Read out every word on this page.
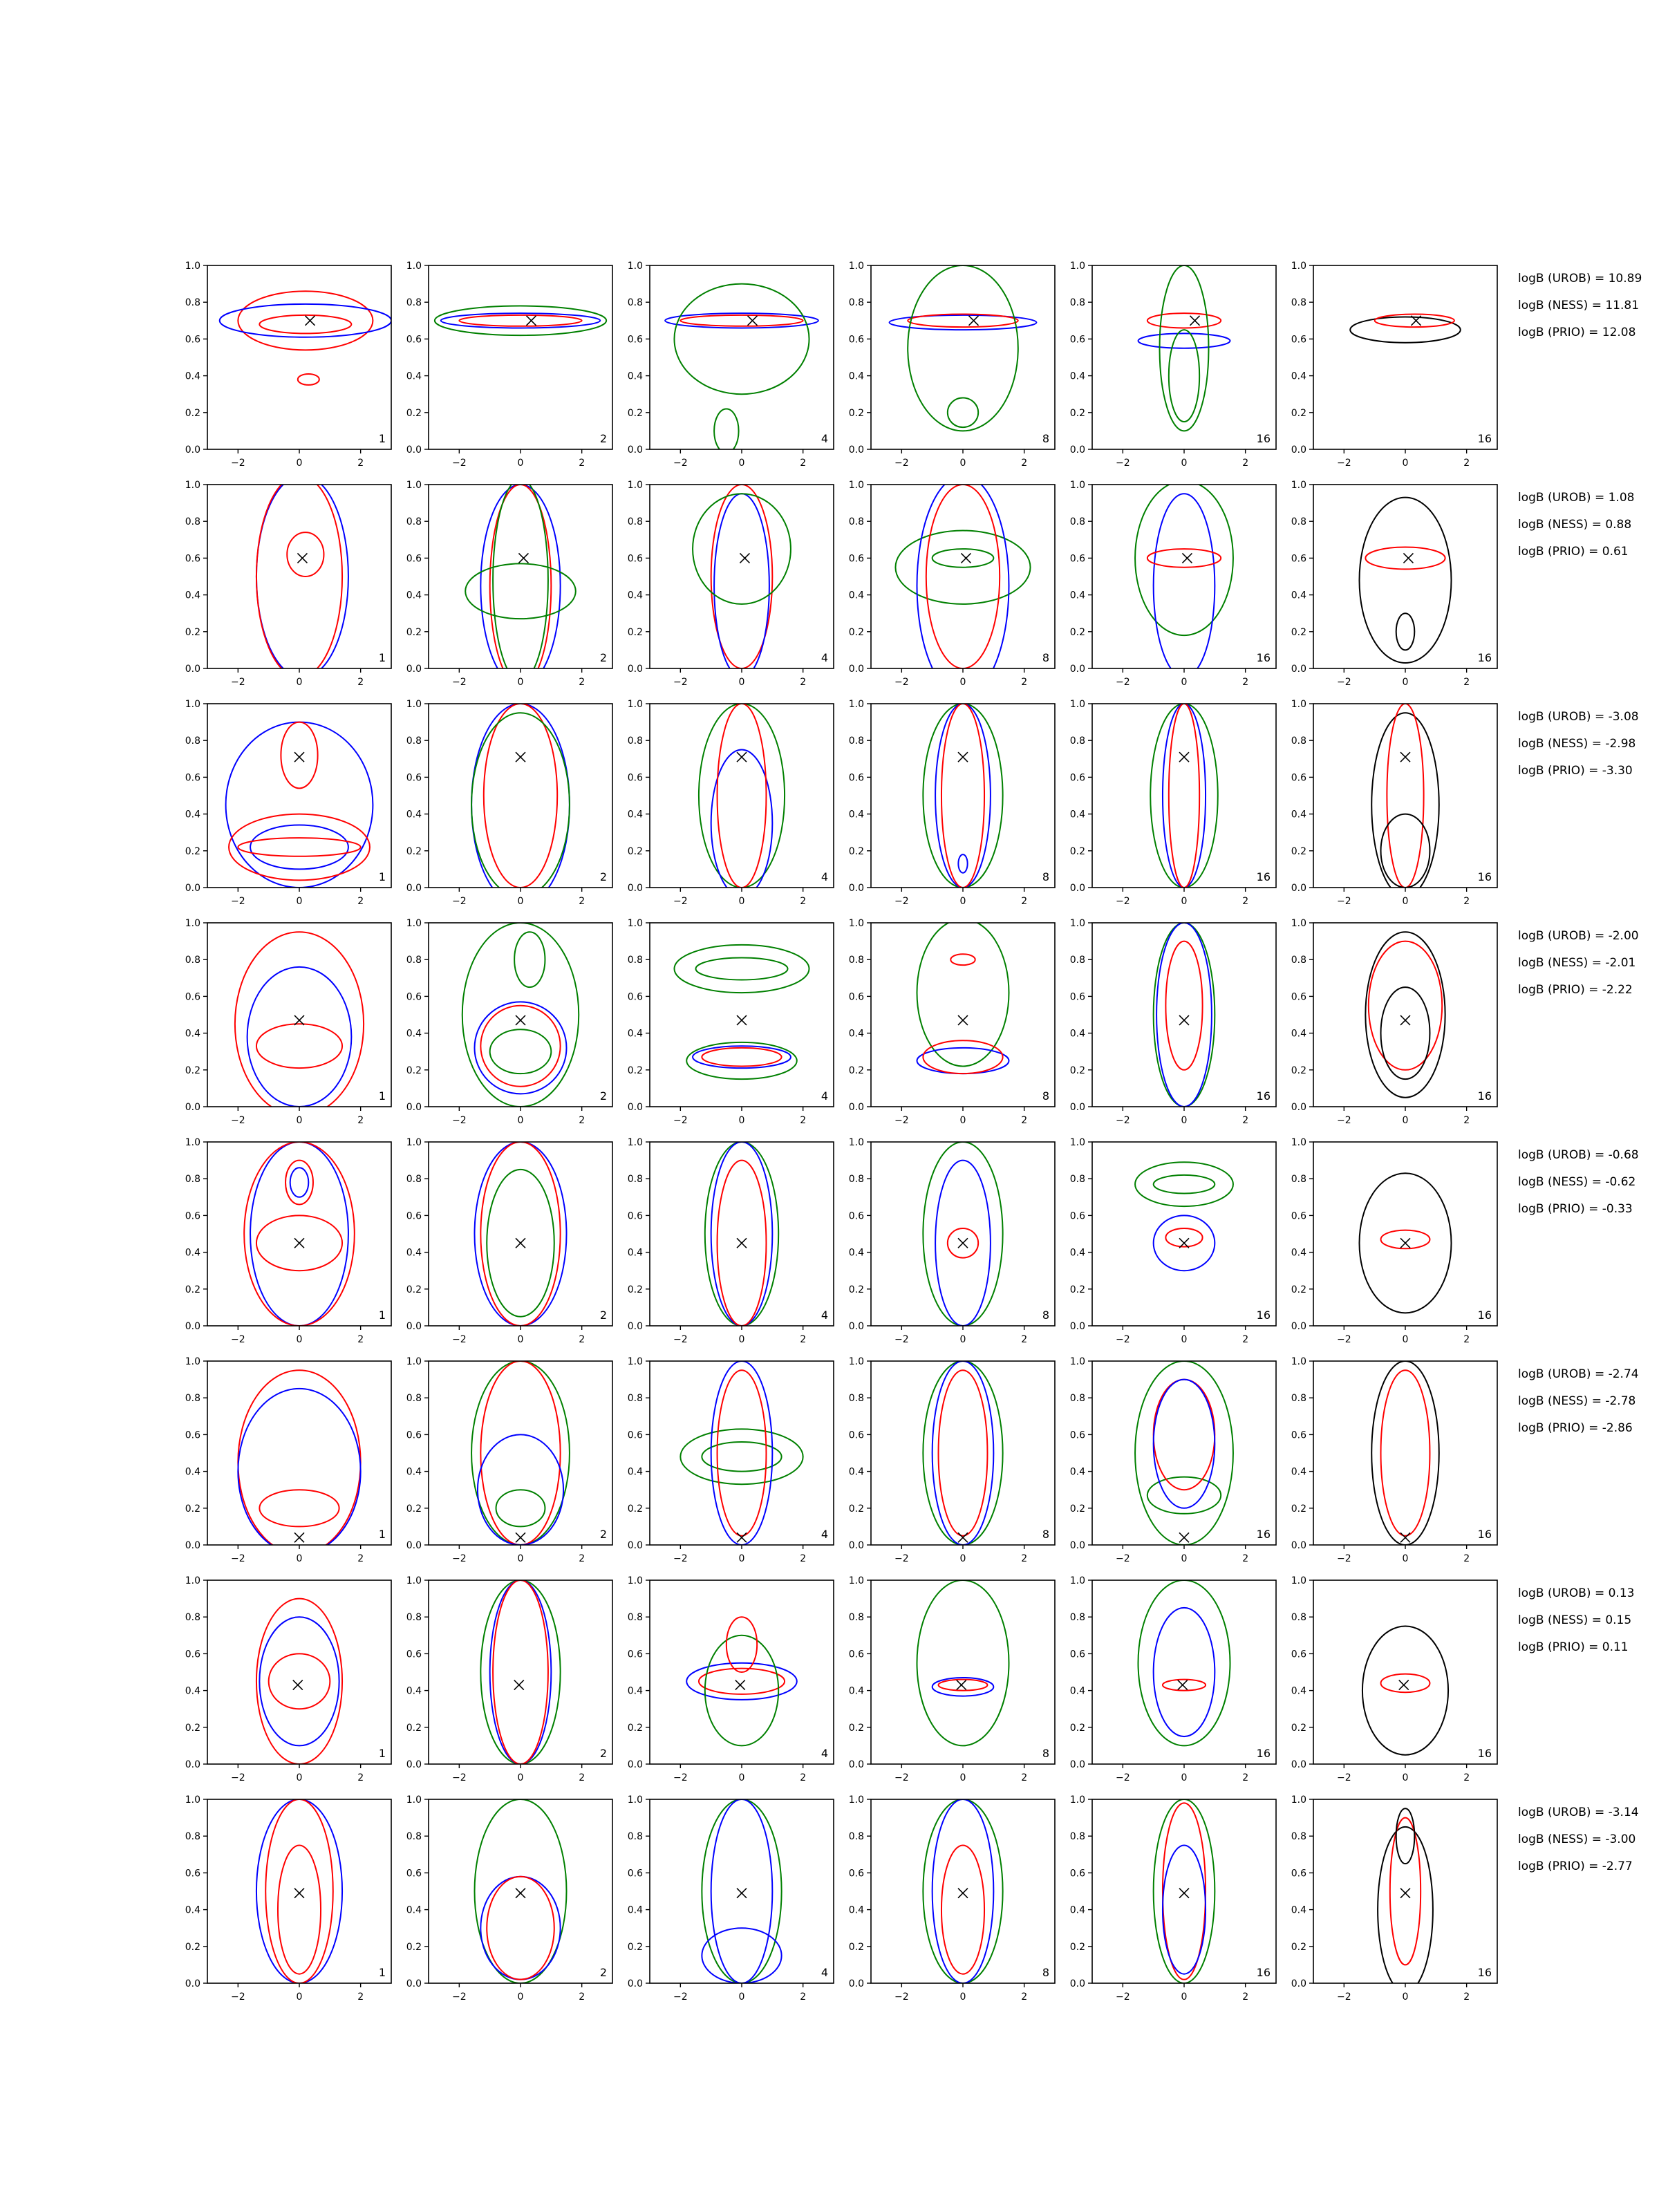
−2	0	2
0.0
0.2
0.4
0.6
0.8
1.0
1
−2	0	2
0.0
0.2
0.4
0.6
0.8
1.0
2
−2	0	2
0.0
0.2
0.4
0.6
0.8
1.0
4
−2	0	2
0.0
0.2
0.4
0.6
0.8
1.0
8
−2	0	2
0.0
0.2
0.4
0.6
0.8
1.0
16
−2	0	2
0.0
0.2
0.4
0.6
0.8
1.0
16
logB (UROB) = 10.89
logB (NESS) = 11.81
logB (PRIO) = 12.08
−2	0	2
0.0
0.2
0.4
0.6
0.8
1.0
1
−2	0	2
0.0
0.2
0.4
0.6
0.8
1.0
2
−2	0	2
0.0
0.2
0.4
0.6
0.8
1.0
4
−2	0	2
0.0
0.2
0.4
0.6
0.8
1.0
8
−2	0	2
0.0
0.2
0.4
0.6
0.8
1.0
16
−2	0	2
0.0
0.2
0.4
0.6
0.8
1.0
16
logB (UROB) = 1.08
logB (NESS) = 0.88
logB (PRIO) = 0.61
−2	0	2
0.0
0.2
0.4
0.6
0.8
1.0
1
−2	0	2
0.0
0.2
0.4
0.6
0.8
1.0
2
−2	0	2
0.0
0.2
0.4
0.6
0.8
1.0
4
−2	0	2
0.0
0.2
0.4
0.6
0.8
1.0
8
−2	0	2
0.0
0.2
0.4
0.6
0.8
1.0
16
−2	0	2
0.0
0.2
0.4
0.6
0.8
1.0
16
logB (UROB) = -3.08
logB (NESS) = -2.98
logB (PRIO) = -3.30
−2	0	2
0.0
0.2
0.4
0.6
0.8
1.0
1
−2	0	2
0.0
0.2
0.4
0.6
0.8
1.0
2
−2	0	2
0.0
0.2
0.4
0.6
0.8
1.0
4
−2	0	2
0.0
0.2
0.4
0.6
0.8
1.0
8
−2	0	2
0.0
0.2
0.4
0.6
0.8
1.0
16
−2	0	2
0.0
0.2
0.4
0.6
0.8
1.0
16
logB (UROB) = -2.00
logB (NESS) = -2.01
logB (PRIO) = -2.22
−2	0	2
0.0
0.2
0.4
0.6
0.8
1.0
1
−2	0	2
0.0
0.2
0.4
0.6
0.8
1.0
2
−2	0	2
0.0
0.2
0.4
0.6
0.8
1.0
4
−2	0	2
0.0
0.2
0.4
0.6
0.8
1.0
8
−2	0	2
0.0
0.2
0.4
0.6
0.8
1.0
16
−2	0	2
0.0
0.2
0.4
0.6
0.8
1.0
16
logB (UROB) = -0.68
logB (NESS) = -0.62
logB (PRIO) = -0.33
−2	0	2
0.0
0.2
0.4
0.6
0.8
1.0
1
−2	0	2
0.0
0.2
0.4
0.6
0.8
1.0
2
−2	0	2
0.0
0.2
0.4
0.6
0.8
1.0
4
−2	0	2
0.0
0.2
0.4
0.6
0.8
1.0
8
−2	0	2
0.0
0.2
0.4
0.6
0.8
1.0
16
−2	0	2
0.0
0.2
0.4
0.6
0.8
1.0
16
logB (UROB) = -2.74
logB (NESS) = -2.78
logB (PRIO) = -2.86
−2	0	2
0.0
0.2
0.4
0.6
0.8
1.0
1
−2	0	2
0.0
0.2
0.4
0.6
0.8
1.0
2
−2	0	2
0.0
0.2
0.4
0.6
0.8
1.0
4
−2	0	2
0.0
0.2
0.4
0.6
0.8
1.0
8
−2	0	2
0.0
0.2
0.4
0.6
0.8
1.0
16
−2	0	2
0.0
0.2
0.4
0.6
0.8
1.0
16
logB (UROB) = 0.13
logB (NESS) = 0.15
logB (PRIO) = 0.11
−2	0	2
0.0
0.2
0.4
0.6
0.8
1.0
1
−2	0	2
0.0
0.2
0.4
0.6
0.8
1.0
2
−2	0	2
0.0
0.2
0.4
0.6
0.8
1.0
4
−2	0	2
0.0
0.2
0.4
0.6
0.8
1.0
8
−2	0	2
0.0
0.2
0.4
0.6
0.8
1.0
16
−2	0	2
0.0
0.2
0.4
0.6
0.8
1.0
16
logB (UROB) = -3.14
logB (NESS) = -3.00
logB (PRIO) = -2.77
